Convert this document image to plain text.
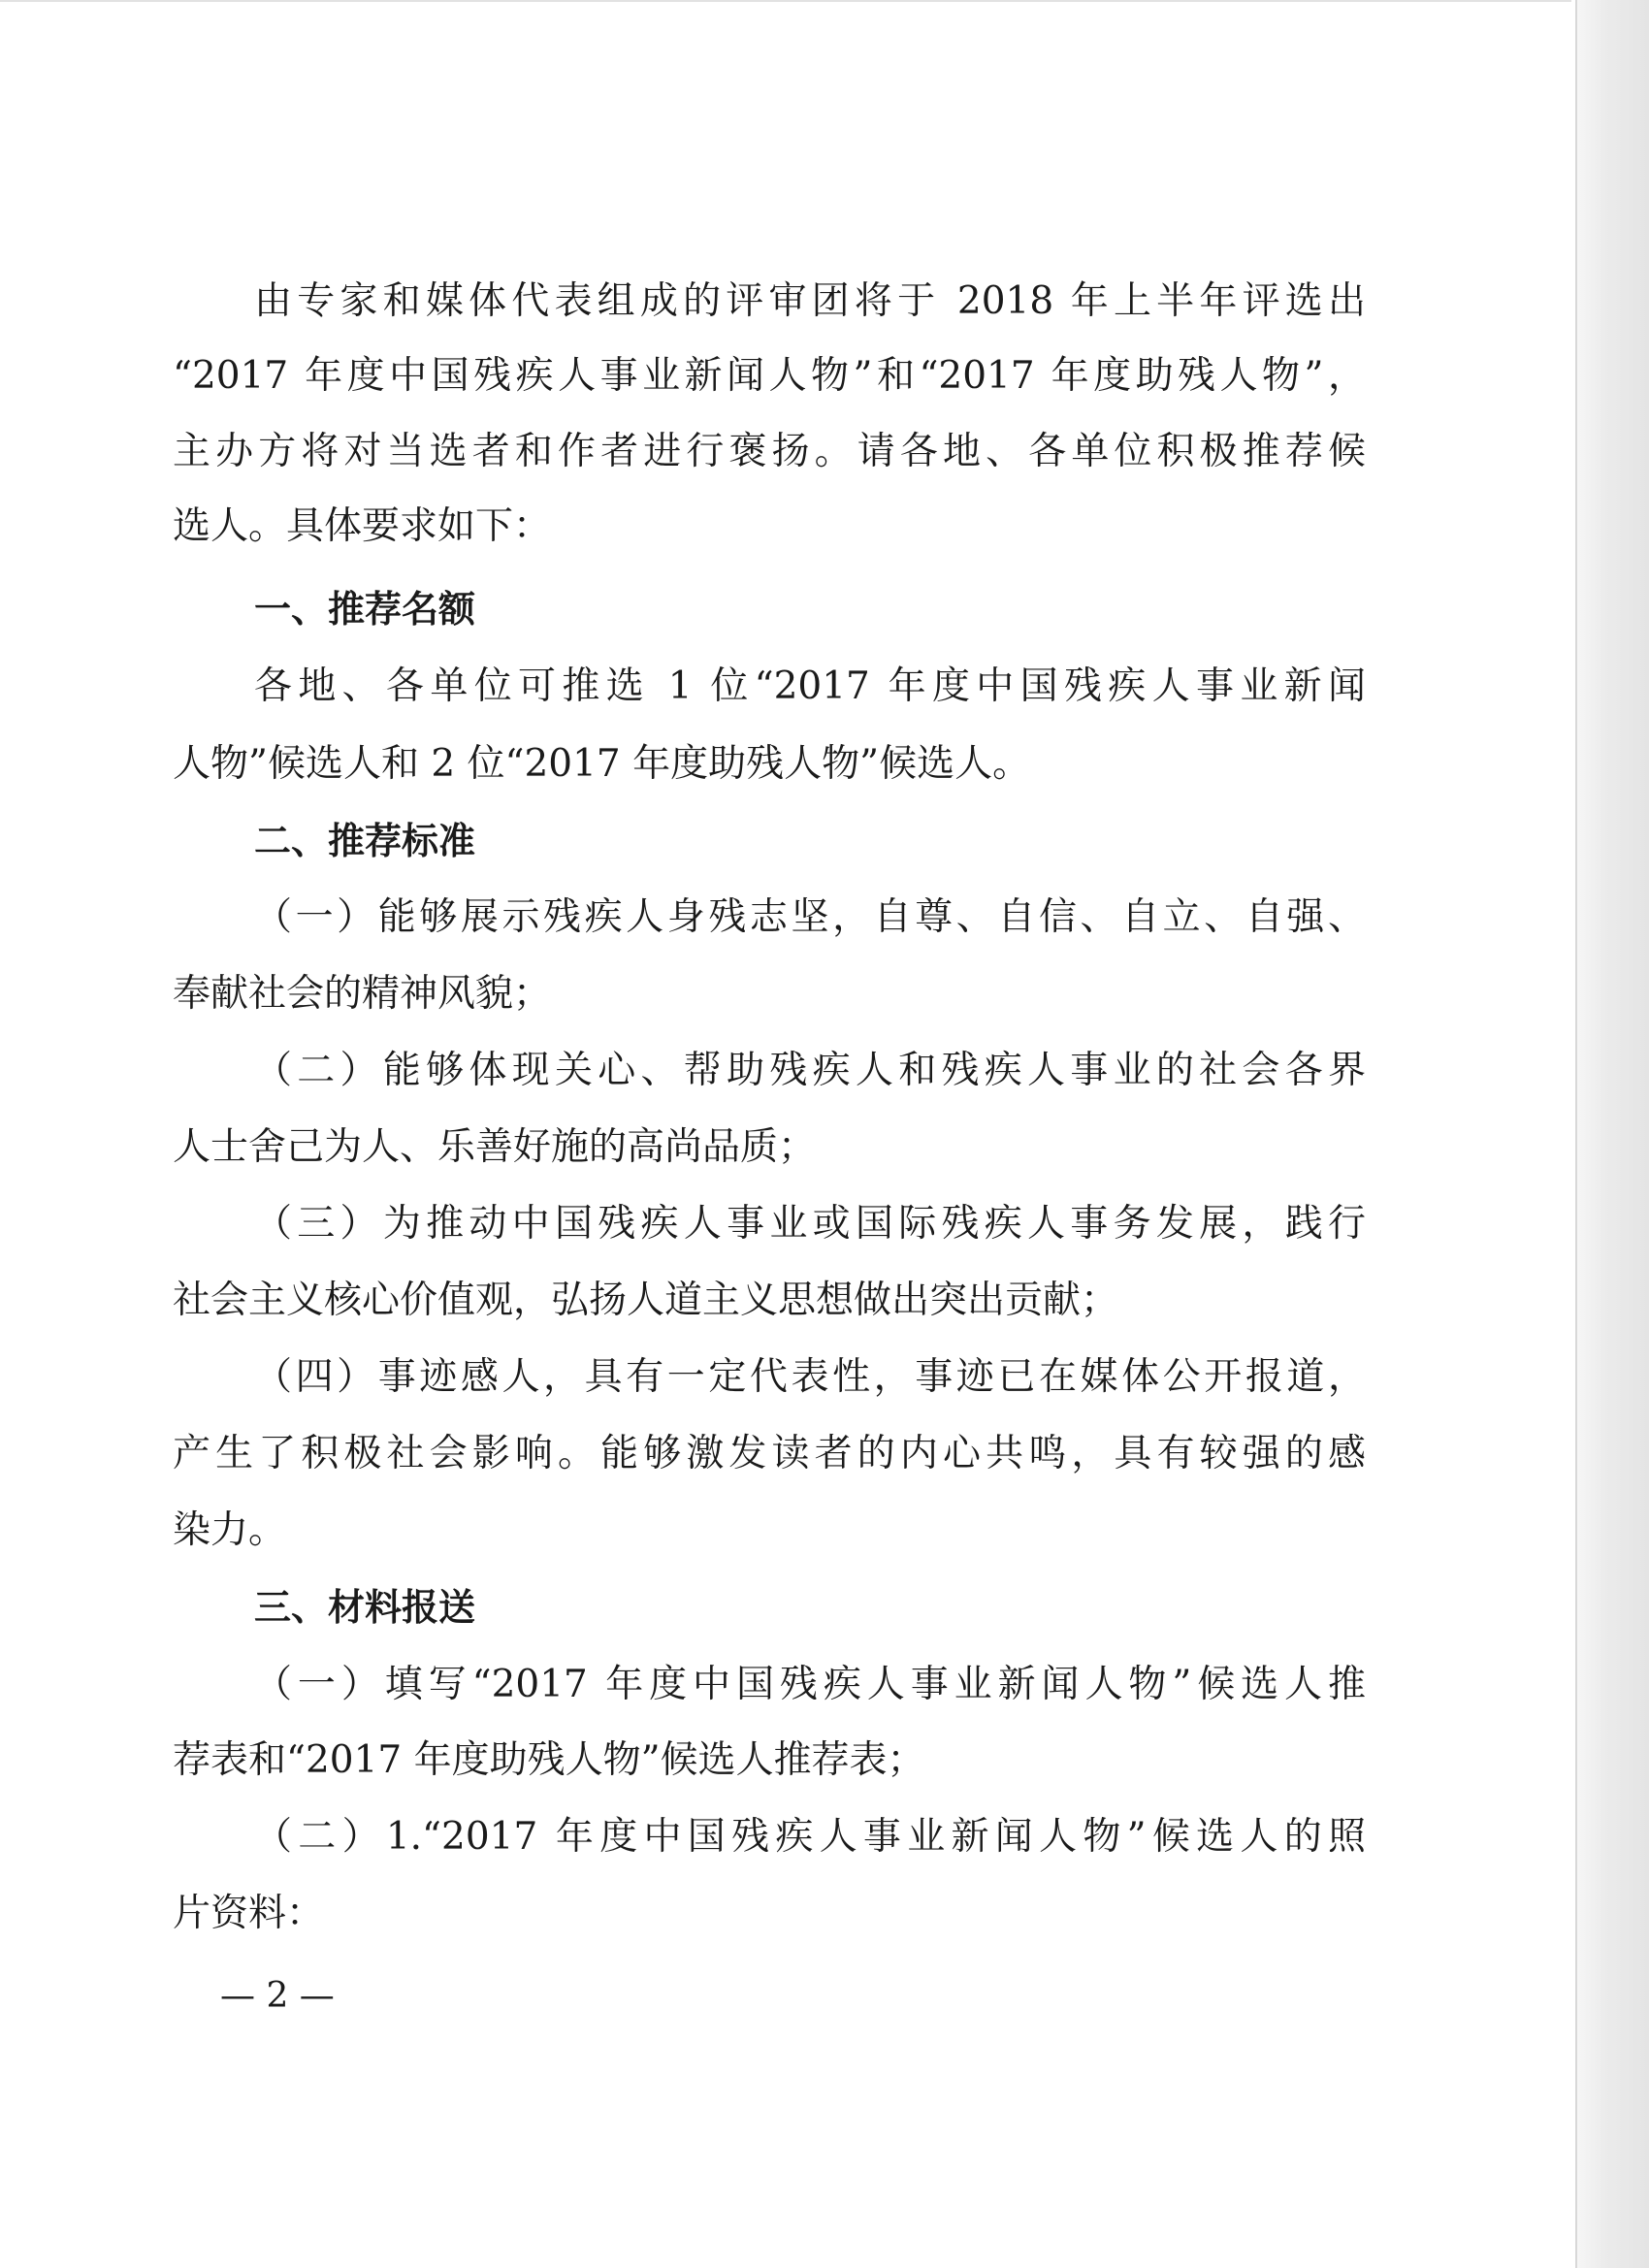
由专家和媒体代表组成的评审团将于 2018 年上半年评选出
“2017 年度中国残疾人事业新闻人物”和“2017 年度助残人物”，
主办方将对当选者和作者进行褒扬。请各地、各单位积极推荐候
选人。具体要求如下：
一、推荐名额
各地、各单位可推选 1 位“2017 年度中国残疾人事业新闻
人物”候选人和 2 位“2017 年度助残人物”候选人。
二、推荐标准
（一）能够展示残疾人身残志坚，自尊、自信、自立、自强、
奉献社会的精神风貌；
（二）能够体现关心、帮助残疾人和残疾人事业的社会各界
人士舍己为人、乐善好施的高尚品质；
（三）为推动中国残疾人事业或国际残疾人事务发展，践行
社会主义核心价值观，弘扬人道主义思想做出突出贡献；
（四）事迹感人，具有一定代表性，事迹已在媒体公开报道，
产生了积极社会影响。能够激发读者的内心共鸣，具有较强的感
染力。
三、材料报送
（一）填写“2017 年度中国残疾人事业新闻人物”候选人推
荐表和“2017 年度助残人物”候选人推荐表；
（二）1.“2017 年度中国残疾人事业新闻人物”候选人的照
片资料：
— 2 —
